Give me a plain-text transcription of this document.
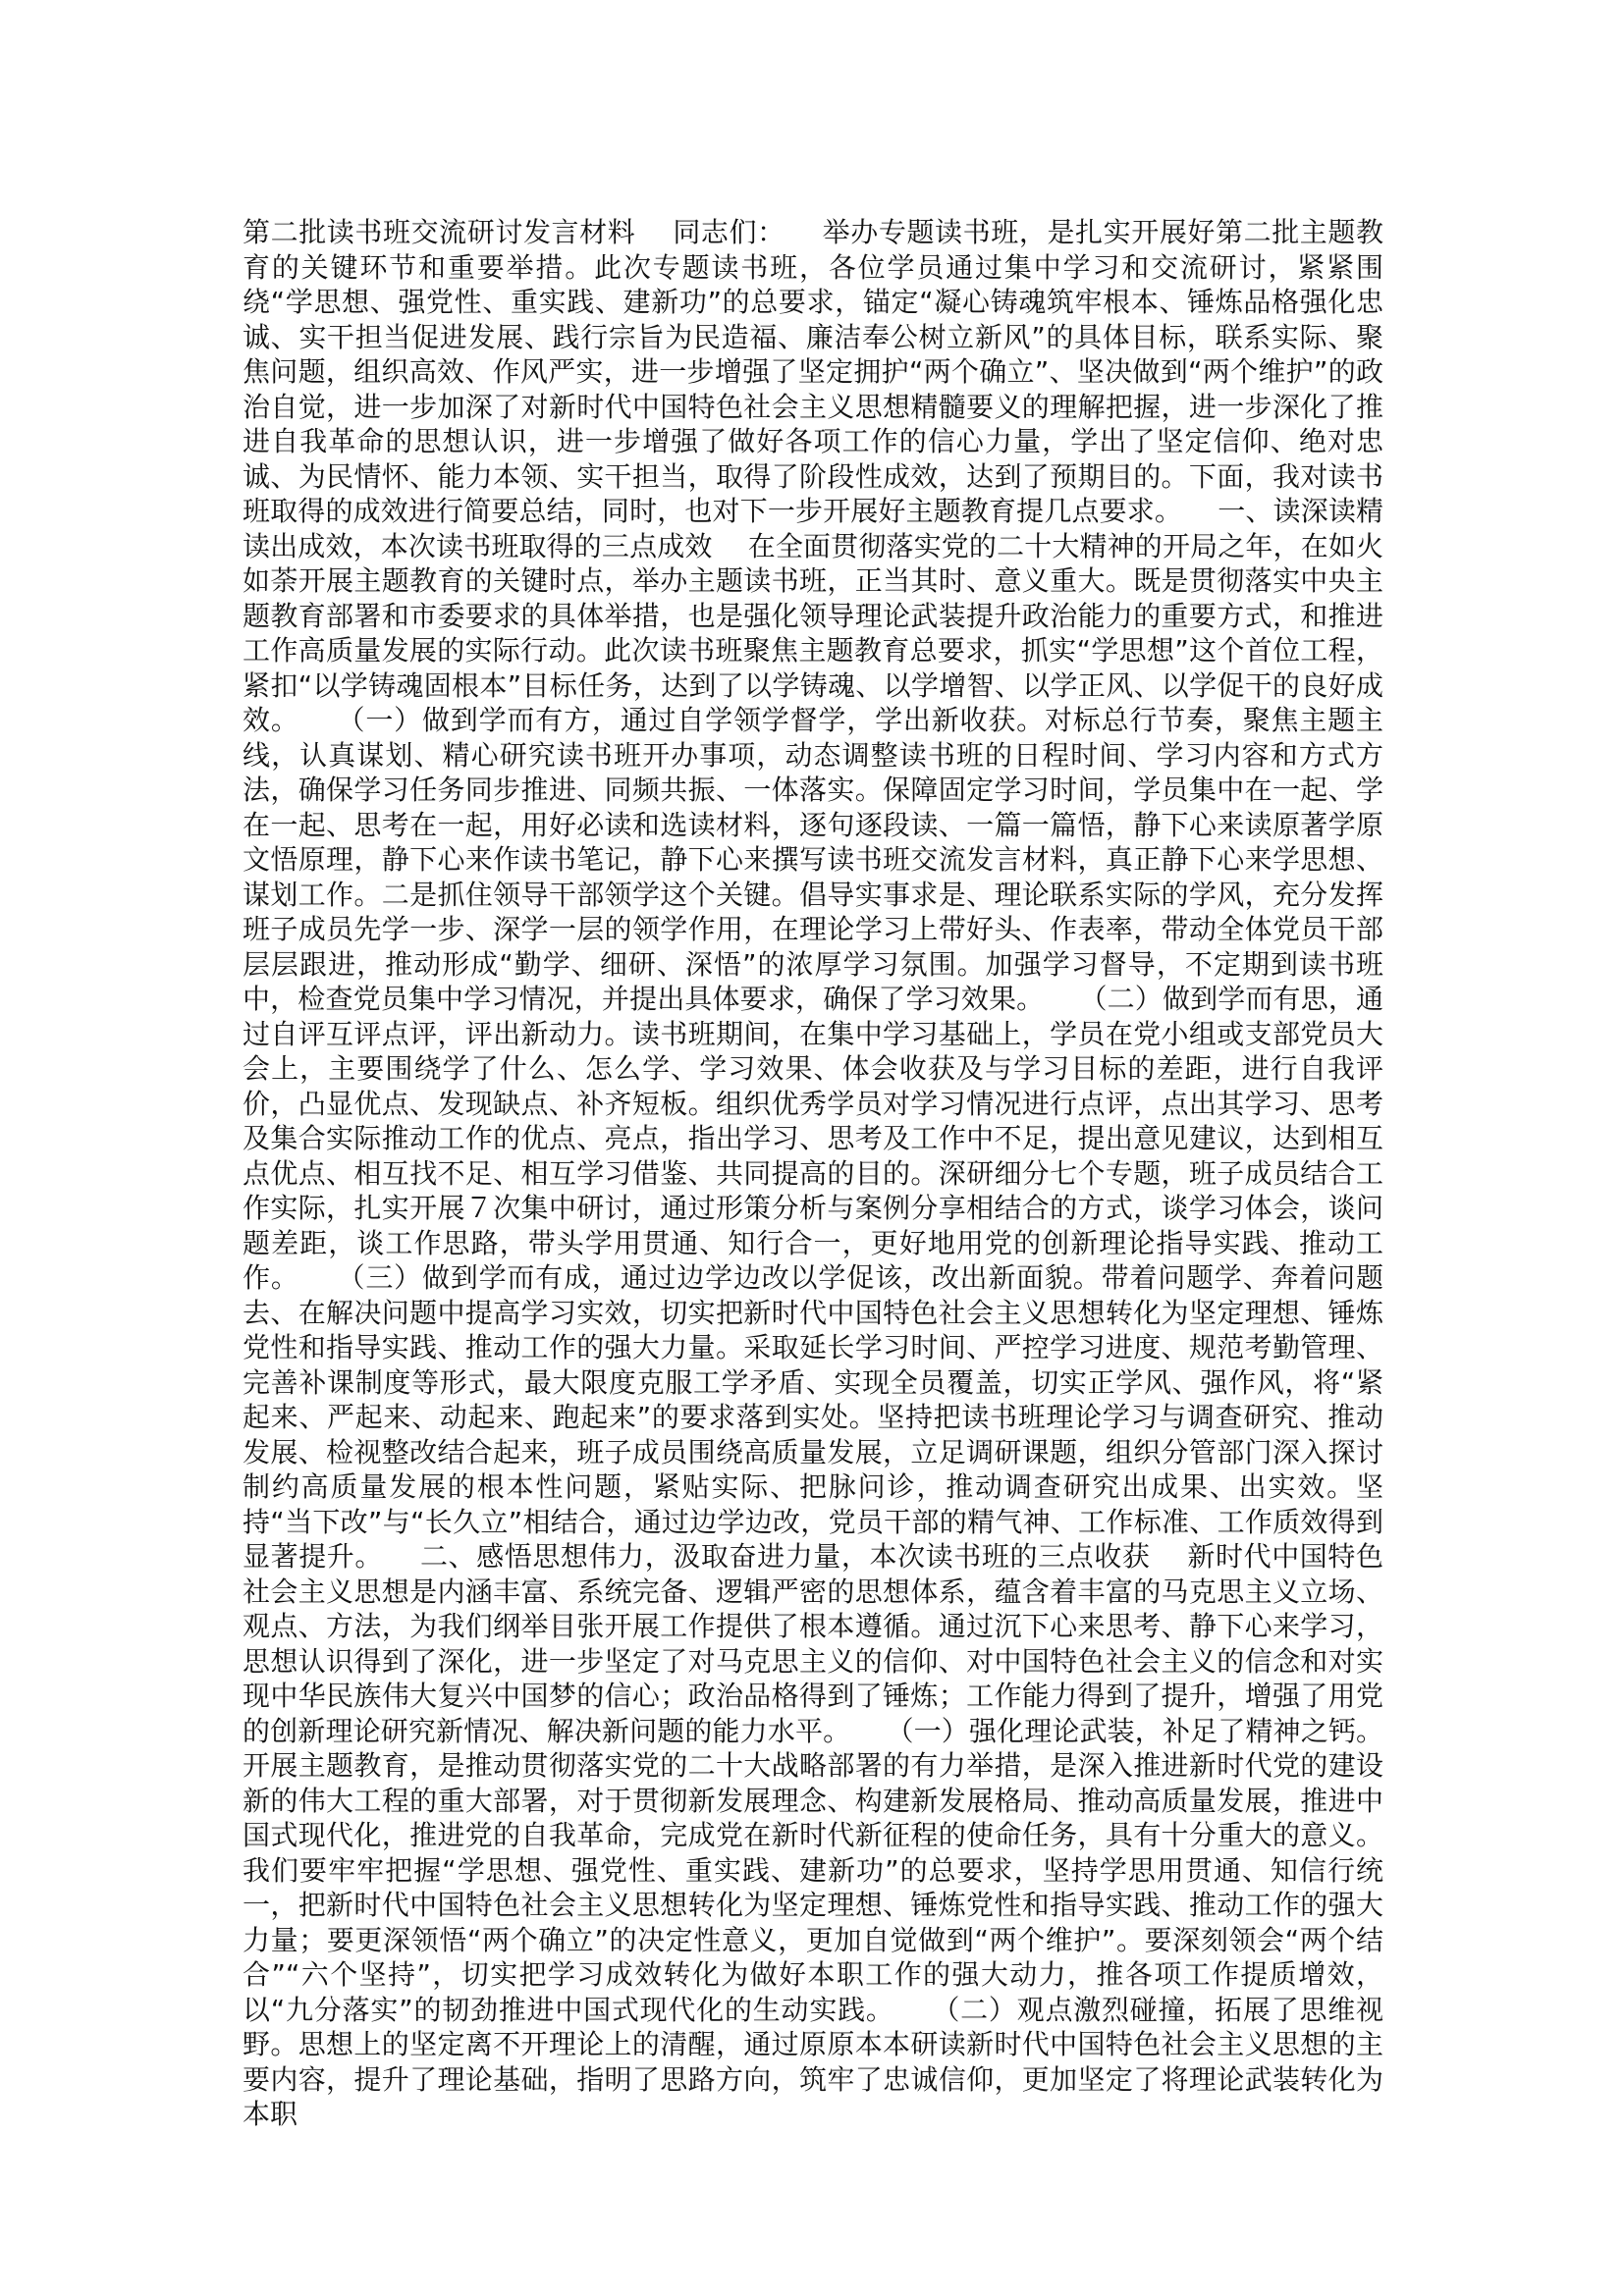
第二批读书班交流研讨发言材料    同志们：    举办专题读书班，是扎实开展好第二批主题教育的关键环节和重要举措。此次专题读书班，各位学员通过集中学习和交流研讨，紧紧围绕“学思想、强党性、重实践、建新功”的总要求，锚定“凝心铸魂筑牢根本、锤炼品格强化忠诚、实干担当促进发展、践行宗旨为民造福、廉洁奉公树立新风”的具体目标，联系实际、聚焦问题，组织高效、作风严实，进一步增强了坚定拥护“两个确立”、坚决做到“两个维护”的政治自觉，进一步加深了对新时代中国特色社会主义思想精髓要义的理解把握，进一步深化了推进自我革命的思想认识，进一步增强了做好各项工作的信心力量，学出了坚定信仰、绝对忠诚、为民情怀、能力本领、实干担当，取得了阶段性成效，达到了预期目的。下面，我对读书班取得的成效进行简要总结，同时，也对下一步开展好主题教育提几点要求。    一、读深读精读出成效，本次读书班取得的三点成效    在全面贯彻落实党的二十大精神的开局之年，在如火如荼开展主题教育的关键时点，举办主题读书班，正当其时、意义重大。既是贯彻落实中央主题教育部署和市委要求的具体举措，也是强化领导理论武装提升政治能力的重要方式，和推进工作高质量发展的实际行动。此次读书班聚焦主题教育总要求，抓实“学思想”这个首位工程，紧扣“以学铸魂固根本”目标任务，达到了以学铸魂、以学增智、以学正风、以学促干的良好成效。    （一）做到学而有方，通过自学领学督学，学出新收获。对标总行节奏，聚焦主题主线，认真谋划、精心研究读书班开办事项，动态调整读书班的日程时间、学习内容和方式方法，确保学习任务同步推进、同频共振、一体落实。保障固定学习时间，学员集中在一起、学在一起、思考在一起，用好必读和选读材料，逐句逐段读、一篇一篇悟，静下心来读原著学原文悟原理，静下心来作读书笔记，静下心来撰写读书班交流发言材料，真正静下心来学思想、谋划工作。二是抓住领导干部领学这个关键。倡导实事求是、理论联系实际的学风，充分发挥班子成员先学一步、深学一层的领学作用，在理论学习上带好头、作表率，带动全体党员干部层层跟进，推动形成“勤学、细研、深悟”的浓厚学习氛围。加强学习督导，不定期到读书班中，检查党员集中学习情况，并提出具体要求，确保了学习效果。    （二）做到学而有思，通过自评互评点评，评出新动力。读书班期间，在集中学习基础上，学员在党小组或支部党员大会上，主要围绕学了什么、怎么学、学习效果、体会收获及与学习目标的差距，进行自我评价，凸显优点、发现缺点、补齐短板。组织优秀学员对学习情况进行点评，点出其学习、思考及集合实际推动工作的优点、亮点，指出学习、思考及工作中不足，提出意见建议，达到相互点优点、相互找不足、相互学习借鉴、共同提高的目的。深研细分七个专题，班子成员结合工作实际，扎实开展７次集中研讨，通过形策分析与案例分享相结合的方式，谈学习体会，谈问题差距，谈工作思路，带头学用贯通、知行合一，更好地用党的创新理论指导实践、推动工作。    （三）做到学而有成，通过边学边改以学促该，改出新面貌。带着问题学、奔着问题去、在解决问题中提高学习实效，切实把新时代中国特色社会主义思想转化为坚定理想、锤炼党性和指导实践、推动工作的强大力量。采取延长学习时间、严控学习进度、规范考勤管理、完善补课制度等形式，最大限度克服工学矛盾、实现全员覆盖，切实正学风、强作风，将“紧起来、严起来、动起来、跑起来”的要求落到实处。坚持把读书班理论学习与调查研究、推动发展、检视整改结合起来，班子成员围绕高质量发展，立足调研课题，组织分管部门深入探讨制约高质量发展的根本性问题，紧贴实际、把脉问诊，推动调查研究出成果、出实效。坚持“当下改”与“长久立”相结合，通过边学边改，党员干部的精气神、工作标准、工作质效得到显著提升。    二、感悟思想伟力，汲取奋进力量，本次读书班的三点收获    新时代中国特色社会主义思想是内涵丰富、系统完备、逻辑严密的思想体系，蕴含着丰富的马克思主义立场、观点、方法，为我们纲举目张开展工作提供了根本遵循。通过沉下心来思考、静下心来学习，思想认识得到了深化，进一步坚定了对马克思主义的信仰、对中国特色社会主义的信念和对实现中华民族伟大复兴中国梦的信心；政治品格得到了锤炼；工作能力得到了提升，增强了用党的创新理论研究新情况、解决新问题的能力水平。    （一）强化理论武装，补足了精神之钙。开展主题教育，是推动贯彻落实党的二十大战略部署的有力举措，是深入推进新时代党的建设新的伟大工程的重大部署，对于贯彻新发展理念、构建新发展格局、推动高质量发展，推进中国式现代化，推进党的自我革命，完成党在新时代新征程的使命任务，具有十分重大的意义。我们要牢牢把握“学思想、强党性、重实践、建新功”的总要求，坚持学思用贯通、知信行统一，把新时代中国特色社会主义思想转化为坚定理想、锤炼党性和指导实践、推动工作的强大力量；要更深领悟“两个确立”的决定性意义，更加自觉做到“两个维护”。要深刻领会“两个结合”“六个坚持”，切实把学习成效转化为做好本职工作的强大动力，推各项工作提质增效，以“九分落实”的韧劲推进中国式现代化的生动实践。    （二）观点激烈碰撞，拓展了思维视野。思想上的坚定离不开理论上的清醒，通过原原本本研读新时代中国特色社会主义思想的主要内容，提升了理论基础，指明了思路方向，筑牢了忠诚信仰，更加坚定了将理论武装转化为本职
